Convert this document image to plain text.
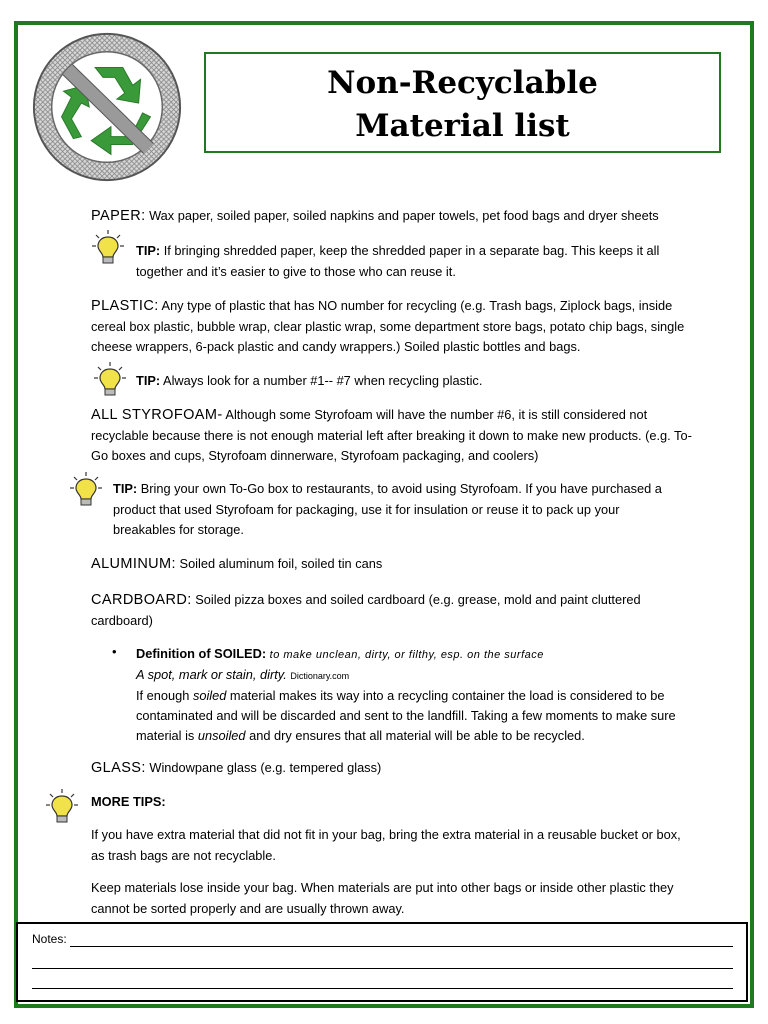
Non-Recyclable
Material list
PAPER: Wax paper, soiled paper, soiled napkins and paper towels, pet food bags and dryer sheets
TIP: If bringing shredded paper, keep the shredded paper in a separate bag. This keeps it all together and it’s easier to give to those who can reuse it.
PLASTIC: Any type of plastic that has NO number for recycling (e.g. Trash bags, Ziplock bags, inside cereal box plastic, bubble wrap, clear plastic wrap, some department store bags, potato chip bags, single cheese wrappers, 6-pack plastic and candy wrappers.) Soiled plastic bottles and bags.
TIP: Always look for a number #1-- #7 when recycling plastic.
ALL STYROFOAM- Although some Styrofoam will have the number #6, it is still considered not recyclable because there is not enough material left after breaking it down to make new products. (e.g. To-Go boxes and cups, Styrofoam dinnerware, Styrofoam packaging, and coolers)
TIP: Bring your own To-Go box to restaurants, to avoid using Styrofoam. If you have purchased a product that used Styrofoam for packaging, use it for insulation or reuse it to pack up your breakables for storage.
ALUMINUM: Soiled aluminum foil, soiled tin cans
CARDBOARD: Soiled pizza boxes and soiled cardboard (e.g. grease, mold and paint cluttered cardboard)
• Definition of SOILED: to make unclean, dirty, or filthy, esp. on the surface
A spot, mark or stain, dirty. Dictionary.com
If enough soiled material makes its way into a recycling container the load is considered to be contaminated and will be discarded and sent to the landfill. Taking a few moments to make sure material is unsoiled and dry ensures that all material will be able to be recycled.
GLASS: Windowpane glass (e.g. tempered glass)
MORE TIPS:
If you have extra material that did not fit in your bag, bring the extra material in a reusable bucket or box, as trash bags are not recyclable.
Keep materials lose inside your bag. When materials are put into other bags or inside other plastic they cannot be sorted properly and are usually thrown away.
Notes:
